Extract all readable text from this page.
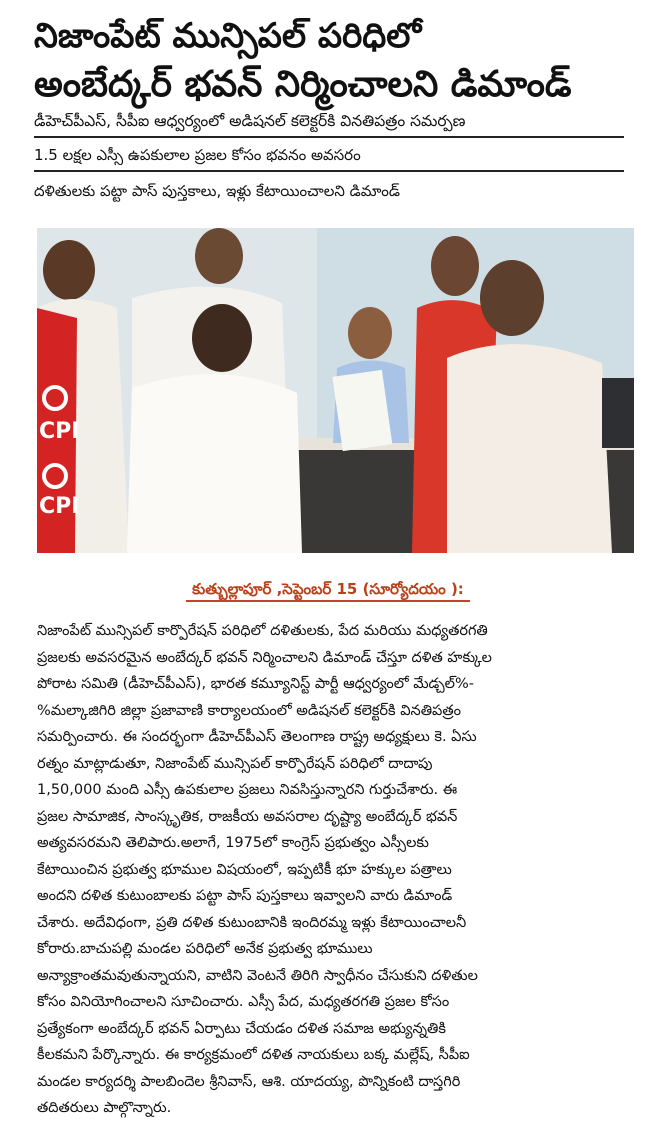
నిజాంపేట్ మున్సిపల్ పరిధిలో
అంబేద్కర్ భవన్ నిర్మించాలని డిమాండ్
డీహెచ్‌పీఎస్, సీపీఐ ఆధ్వర్యంలో అడిషనల్ కలెక్టర్‌కి వినతిపత్రం సమర్పణ
1.5 లక్షల ఎస్సీ ఉపకులాల ప్రజల కోసం భవనం అవసరం
దళితులకు పట్టా పాస్ పుస్తకాలు, ఇళ్లు కేటాయించాలని డిమాండ్
CPI
CPI
కుత్బుల్లాపూర్ ,సెప్టెంబర్ 15 (సూర్యోదయం ):
నిజాంపేట్ మున్సిపల్ కార్పొరేషన్ పరిధిలో దళితులకు, పేద మరియు మధ్యతరగతి
ప్రజలకు అవసరమైన అంబేద్కర్ భవన్ నిర్మించాలని డిమాండ్ చేస్తూ దళిత హక్కుల
పోరాట సమితి (డీహెచ్‌పీఎస్), భారత కమ్యూనిస్ట్ పార్టీ ఆధ్వర్యంలో మేడ్చల్%-
%మల్కాజిగిరి జిల్లా ప్రజావాణి కార్యాలయంలో అడిషనల్ కలెక్టర్‌కి వినతిపత్రం
సమర్పించారు. ఈ సందర్భంగా డీహెచ్‌పీఎస్ తెలంగాణ రాష్ట్ర అధ్యక్షులు కె. ఏసు
రత్నం మాట్లాడుతూ, నిజాంపేట్ మున్సిపల్ కార్పొరేషన్ పరిధిలో దాదాపు
1,50,000 మంది ఎస్సీ ఉపకులాల ప్రజలు నివసిస్తున్నారని గుర్తుచేశారు. ఈ
ప్రజల సామాజిక, సాంస్కృతిక, రాజకీయ అవసరాల దృష్ట్యా అంబేద్కర్ భవన్
అత్యవసరమని తెలిపారు.అలాగే, 1975లో కాంగ్రెస్ ప్రభుత్వం ఎస్సీలకు
కేటాయించిన ప్రభుత్వ భూముల విషయంలో, ఇప్పటికీ భూ హక్కుల పత్రాలు
అందని దళిత కుటుంబాలకు పట్టా పాస్ పుస్తకాలు ఇవ్వాలని వారు డిమాండ్
చేశారు. అదేవిధంగా, ప్రతి దళిత కుటుంబానికి ఇందిరమ్మ ఇళ్లు కేటాయించాలనీ
కోరారు.బాచుపల్లి మండల పరిధిలో అనేక ప్రభుత్వ భూములు
అన్యాక్రాంతమవుతున్నాయని, వాటిని వెంటనే తిరిగి స్వాధీనం చేసుకుని దళితుల
కోసం వినియోగించాలని సూచించారు. ఎస్సీ పేద, మధ్యతరగతి ప్రజల కోసం
ప్రత్యేకంగా అంబేద్కర్ భవన్ ఏర్పాటు చేయడం దళిత సమాజ అభ్యున్నతికి
కీలకమని పేర్కొన్నారు. ఈ కార్యక్రమంలో దళిత నాయకులు బక్క మల్లేష్, సీపీఐ
మండల కార్యదర్శి పాలబిందెల శ్రీనివాస్, ఆశి. యాదయ్య, పొన్నికంటి దాస్తగిరి
తదితరులు పాల్గొన్నారు.
